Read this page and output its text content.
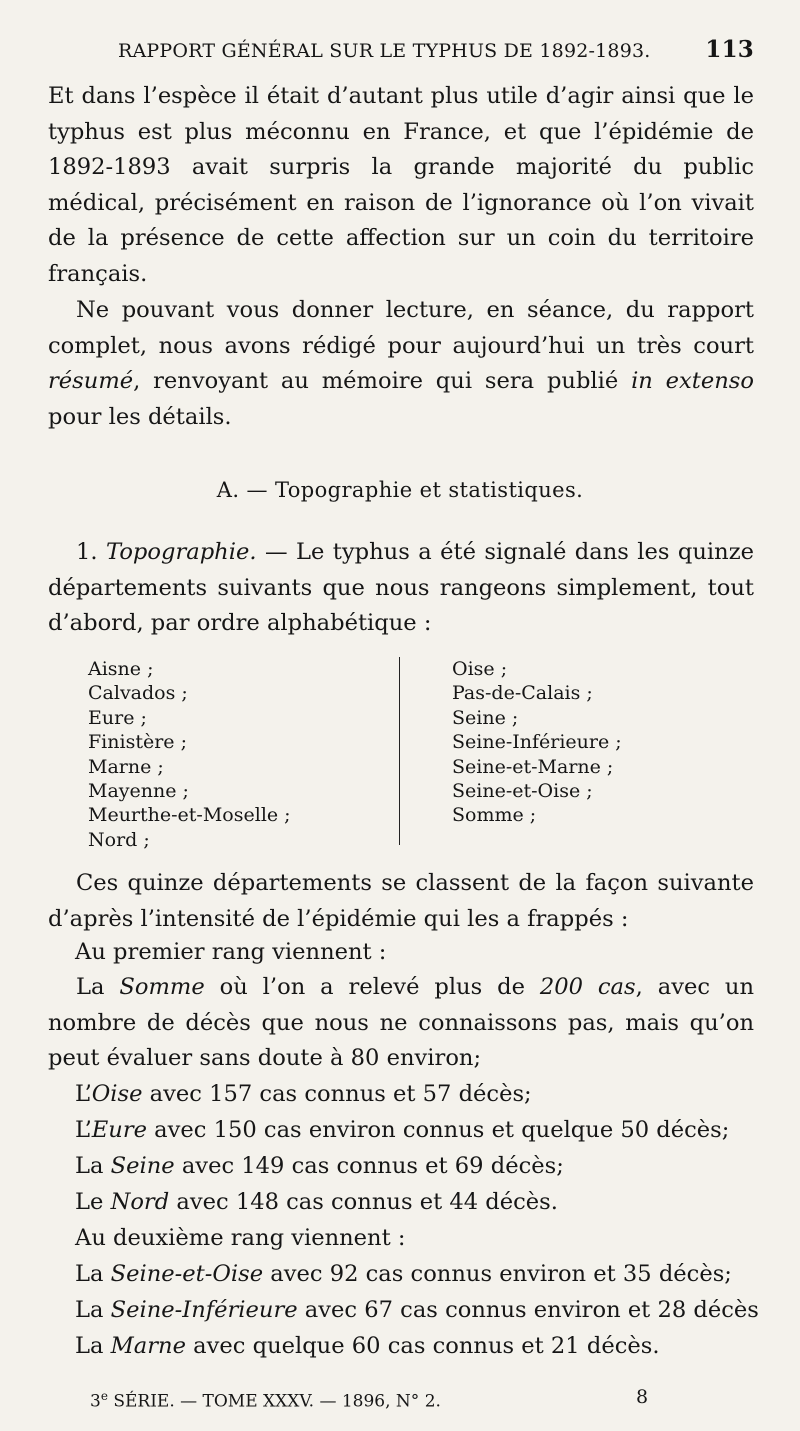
RAPPORT GÉNÉRAL SUR LE TYPHUS DE 1892-1893. 113

Et dans l’espèce il était d’autant plus utile d’agir ainsi que le typhus est plus méconnu en France, et que l’épidémie de 1892-1893 avait surpris la grande majorité du public médical, précisément en raison de l’ignorance où l’on vivait de la présence de cette affection sur un coin du territoire français.

Ne pouvant vous donner lecture, en séance, du rapport complet, nous avons rédigé pour aujourd’hui un très court résumé, renvoyant au mémoire qui sera publié in extenso pour les détails.

A. — Topographie et statistiques.

1. Topographie. — Le typhus a été signalé dans les quinze départements suivants que nous rangeons simplement, tout d’abord, par ordre alphabétique :

Aisne ;
Calvados ;
Eure ;
Finistère ;
Marne ;
Mayenne ;
Meurthe-et-Moselle ;
Nord ;
Oise ;
Pas-de-Calais ;
Seine ;
Seine-Inférieure ;
Seine-et-Marne ;
Seine-et-Oise ;
Somme ;

Ces quinze départements se classent de la façon suivante d’après l’intensité de l’épidémie qui les a frappés :

Au premier rang viennent :

La Somme où l’on a relevé plus de 200 cas, avec un nombre de décès que nous ne connaissons pas, mais qu’on peut évaluer sans doute à 80 environ;

L’Oise avec 157 cas connus et 57 décès;
L’Eure avec 150 cas environ connus et quelque 50 décès;
La Seine avec 149 cas connus et 69 décès;
Le Nord avec 148 cas connus et 44 décès.
Au deuxième rang viennent :
La Seine-et-Oise avec 92 cas connus environ et 35 décès;
La Seine-Inférieure avec 67 cas connus environ et 28 décès
La Marne avec quelque 60 cas connus et 21 décès.
3e SÉRIE. — TOME XXXV. — 1896, N° 2.	8
